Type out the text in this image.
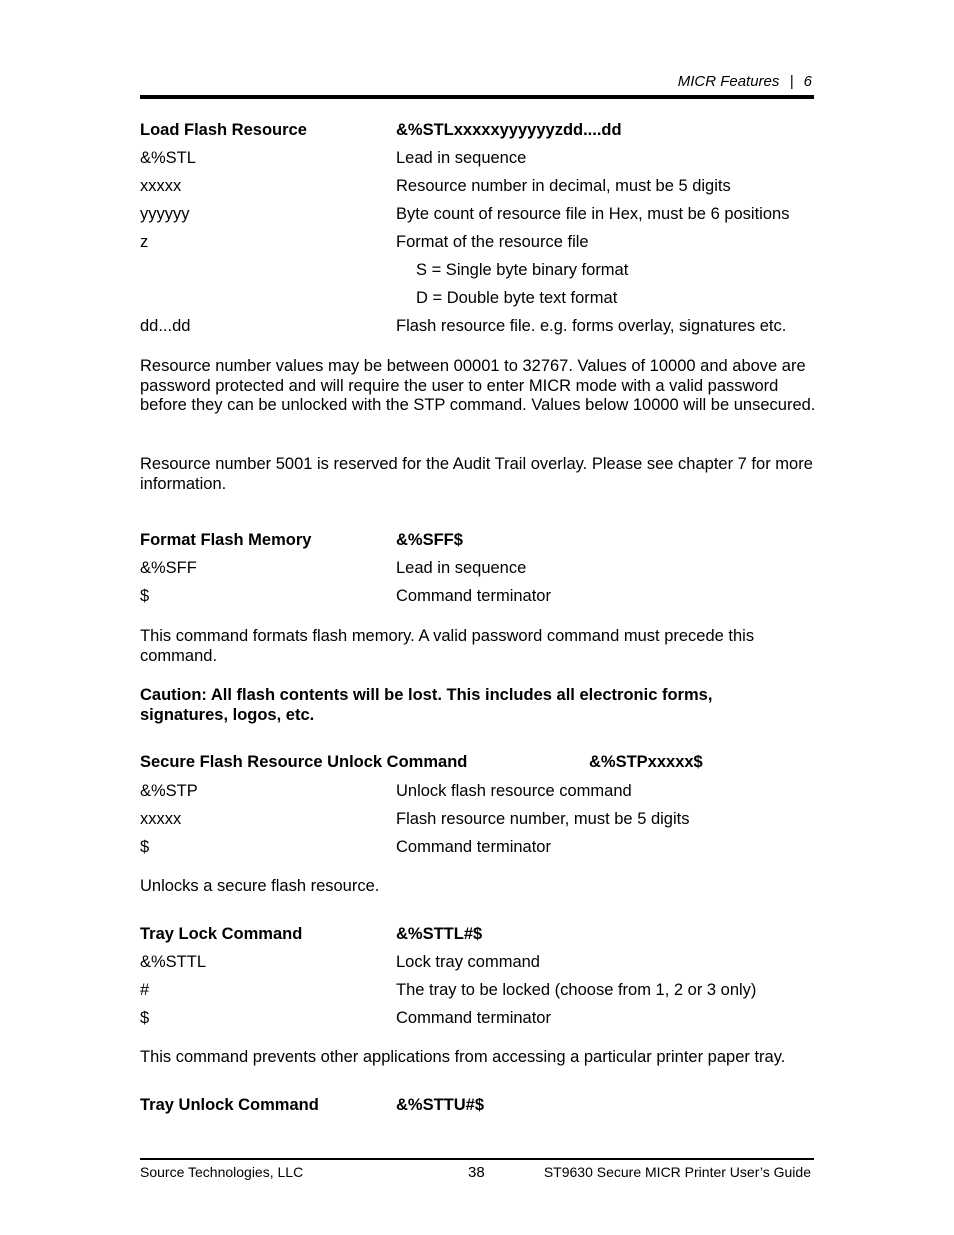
MICR Features | 6
Load Flash Resource	&%STLxxxxxyyyyyyzdd....dd
&%STL	Lead in sequence
xxxxx	Resource number in decimal, must be 5 digits
yyyyyy	Byte count of resource file in Hex, must be 6 positions
z	Format of the resource file
S = Single byte binary format
D = Double byte text format
dd...dd	Flash resource file. e.g. forms overlay, signatures etc.
Resource number values may be between 00001 to 32767. Values of 10000 and above are password protected and will require the user to enter MICR mode with a valid password before they can be unlocked with the STP command. Values below 10000 will be unsecured.
Resource number 5001 is reserved for the Audit Trail overlay. Please see chapter 7 for more information.
Format Flash Memory	&%SFF$
&%SFF	Lead in sequence
$	Command terminator
This command formats flash memory. A valid password command must precede this command.
Caution: All flash contents will be lost. This includes all electronic forms, signatures, logos, etc.
Secure Flash Resource Unlock Command	&%STPxxxxx$
&%STP	Unlock flash resource command
xxxxx	Flash resource number, must be 5 digits
$	Command terminator
Unlocks a secure flash resource.
Tray Lock Command	&%STTL#$
&%STTL	Lock tray command
#	The tray to be locked (choose from 1, 2 or 3 only)
$	Command terminator
This command prevents other applications from accessing a particular printer paper tray.
Tray Unlock Command	&%STTU#$
Source Technologies, LLC	38	ST9630 Secure MICR Printer User’s Guide
